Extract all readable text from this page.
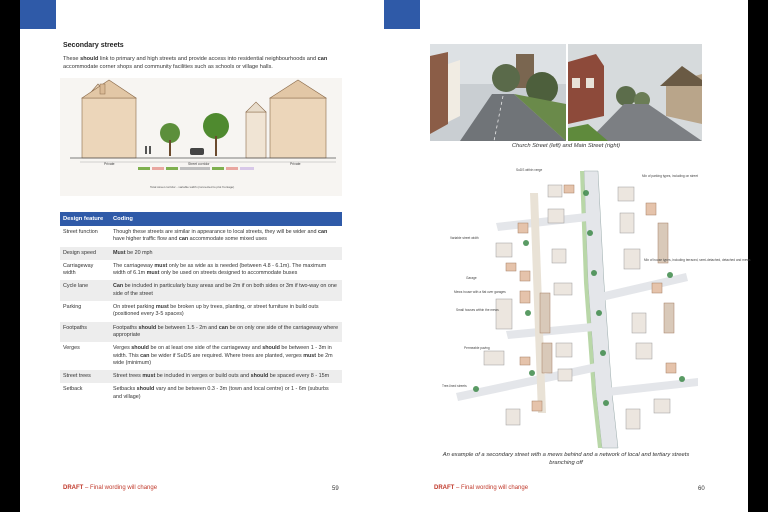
Secondary streets
These should link to primary and high streets and provide access into residential neighbourhoods and can accommodate corner shops and community facilities such as schools or village halls.
Private	Street corridor	Private
Total street corridor - variable width (connected to plot frontage)
Design feature	Coding
Street function	Though these streets are similar in appearance to local streets, they will be wider and can have higher traffic flow and can accommodate some mixed uses
Design speed	Must be 20 mph
Carriageway width	The carriageway must only be as wide as is needed (between 4.8 - 6.1m). The maximum width of 6.1m must only be used on streets designed to accommodate buses
Cycle lane	Can be included in particularly busy areas and be 2m if on both sides or 3m if two-way on one side of the street
Parking	On street parking must be broken up by trees, planting, or street furniture in build outs (positioned every 3-5 spaces)
Footpaths	Footpaths should be between 1.5 - 2m and can be on only one side of the carriageway where appropriate
Verges	Verges should be on at least one side of the carriageway and should be between 1 - 3m in width. This can be wider if SuDS are required. Where trees are planted, verges must be 2m wide (minimum)
Street trees	Street trees must be included in verges or build outs and should be spaced every 8 - 15m
Setback	Setbacks should vary and be between 0.3 - 3m (town and local centre) or 1 - 6m (suburbs and village)
DRAFT – Final wording will change	59
Church Street (left) and Main Street (right)
SuDS within verge
Mix of parking types, including on street
Variable street width
Garage
Mews house with a flat over garages
Small houses within the mews
Mix of house types, including terraced, semi-detached, detached and mews
Permeable paving
Tree-lined streets
An example of a secondary street with a mews behind and a network of local and tertiary streets branching off
DRAFT – Final wording will change	60
